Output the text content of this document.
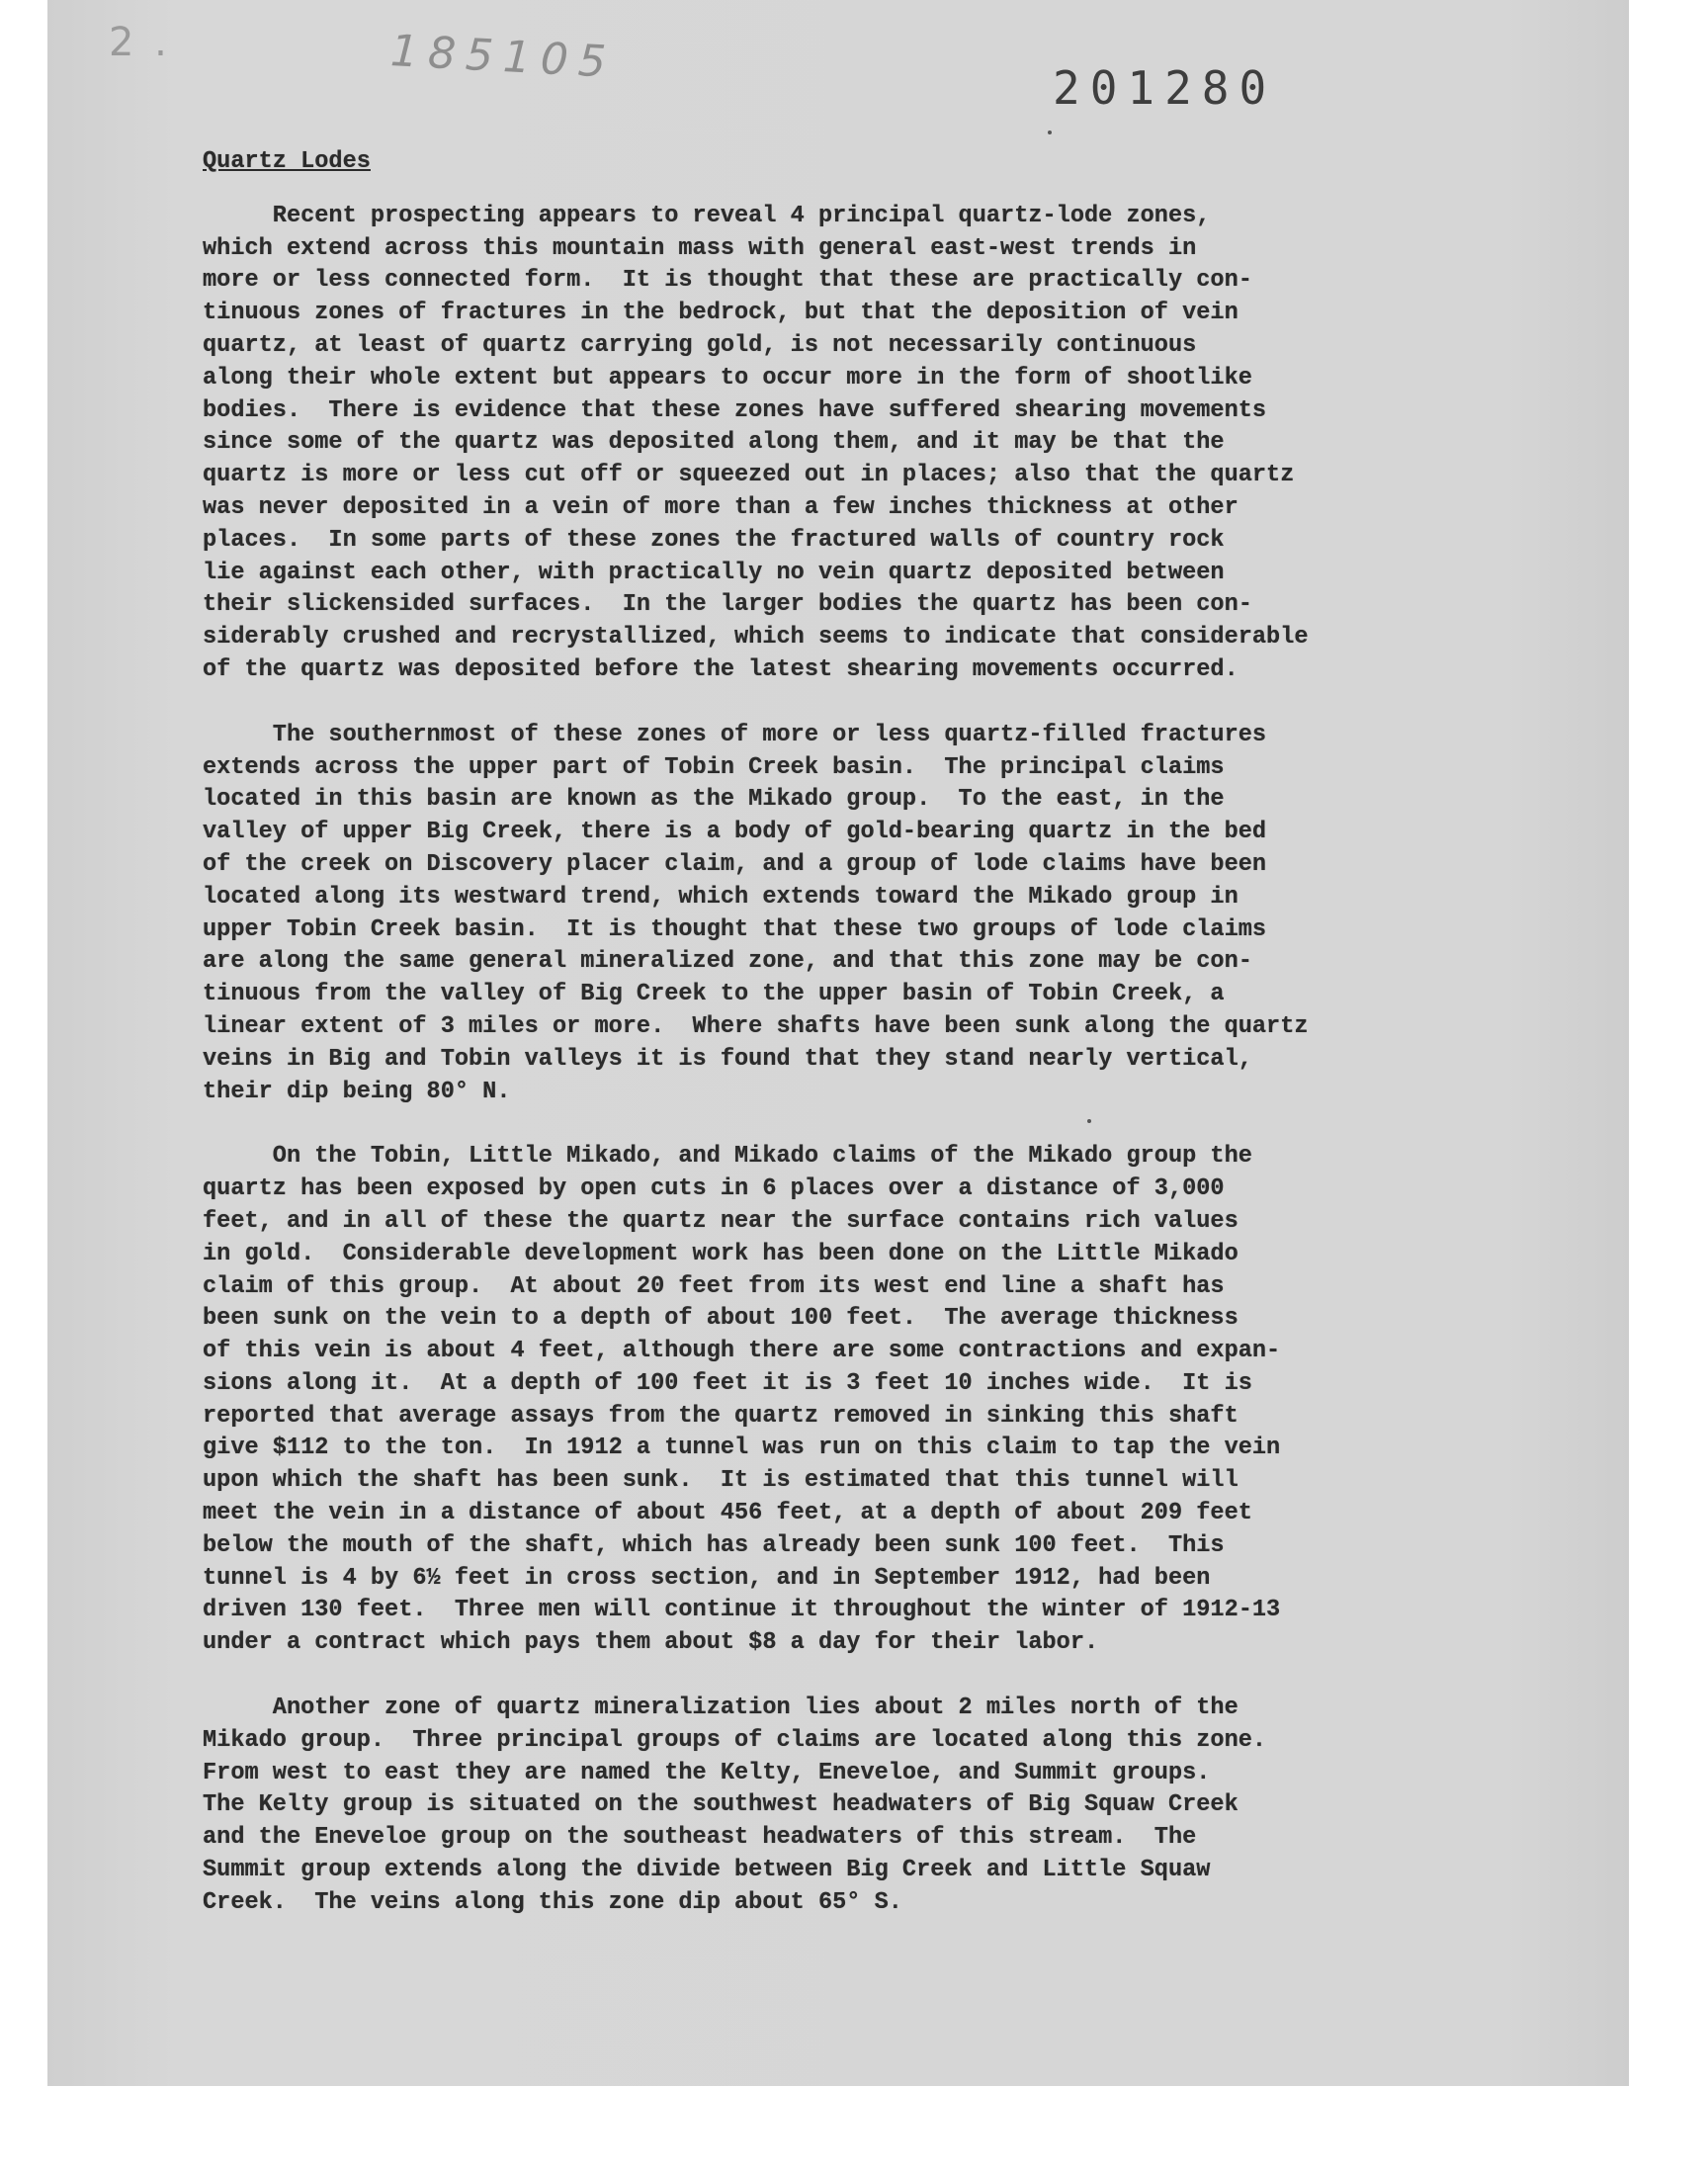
2 .	185105
201280
Quartz Lodes
Recent prospecting appears to reveal 4 principal quartz-lode zones,
which extend across this mountain mass with general east-west trends in
more or less connected form.  It is thought that these are practically con-
tinuous zones of fractures in the bedrock, but that the deposition of vein
quartz, at least of quartz carrying gold, is not necessarily continuous
along their whole extent but appears to occur more in the form of shootlike
bodies.  There is evidence that these zones have suffered shearing movements
since some of the quartz was deposited along them, and it may be that the
quartz is more or less cut off or squeezed out in places; also that the quartz
was never deposited in a vein of more than a few inches thickness at other
places.  In some parts of these zones the fractured walls of country rock
lie against each other, with practically no vein quartz deposited between
their slickensided surfaces.  In the larger bodies the quartz has been con-
siderably crushed and recrystallized, which seems to indicate that considerable
of the quartz was deposited before the latest shearing movements occurred.
The southernmost of these zones of more or less quartz-filled fractures
extends across the upper part of Tobin Creek basin.  The principal claims
located in this basin are known as the Mikado group.  To the east, in the
valley of upper Big Creek, there is a body of gold-bearing quartz in the bed
of the creek on Discovery placer claim, and a group of lode claims have been
located along its westward trend, which extends toward the Mikado group in
upper Tobin Creek basin.  It is thought that these two groups of lode claims
are along the same general mineralized zone, and that this zone may be con-
tinuous from the valley of Big Creek to the upper basin of Tobin Creek, a
linear extent of 3 miles or more.  Where shafts have been sunk along the quartz
veins in Big and Tobin valleys it is found that they stand nearly vertical,
their dip being 80° N.
On the Tobin, Little Mikado, and Mikado claims of the Mikado group the
quartz has been exposed by open cuts in 6 places over a distance of 3,000
feet, and in all of these the quartz near the surface contains rich values
in gold.  Considerable development work has been done on the Little Mikado
claim of this group.  At about 20 feet from its west end line a shaft has
been sunk on the vein to a depth of about 100 feet.  The average thickness
of this vein is about 4 feet, although there are some contractions and expan-
sions along it.  At a depth of 100 feet it is 3 feet 10 inches wide.  It is
reported that average assays from the quartz removed in sinking this shaft
give $112 to the ton.  In 1912 a tunnel was run on this claim to tap the vein
upon which the shaft has been sunk.  It is estimated that this tunnel will
meet the vein in a distance of about 456 feet, at a depth of about 209 feet
below the mouth of the shaft, which has already been sunk 100 feet.  This
tunnel is 4 by 6½ feet in cross section, and in September 1912, had been
driven 130 feet.  Three men will continue it throughout the winter of 1912-13
under a contract which pays them about $8 a day for their labor.
Another zone of quartz mineralization lies about 2 miles north of the
Mikado group.  Three principal groups of claims are located along this zone.
From west to east they are named the Kelty, Eneveloe, and Summit groups.
The Kelty group is situated on the southwest headwaters of Big Squaw Creek
and the Eneveloe group on the southeast headwaters of this stream.  The
Summit group extends along the divide between Big Creek and Little Squaw
Creek.  The veins along this zone dip about 65° S.
